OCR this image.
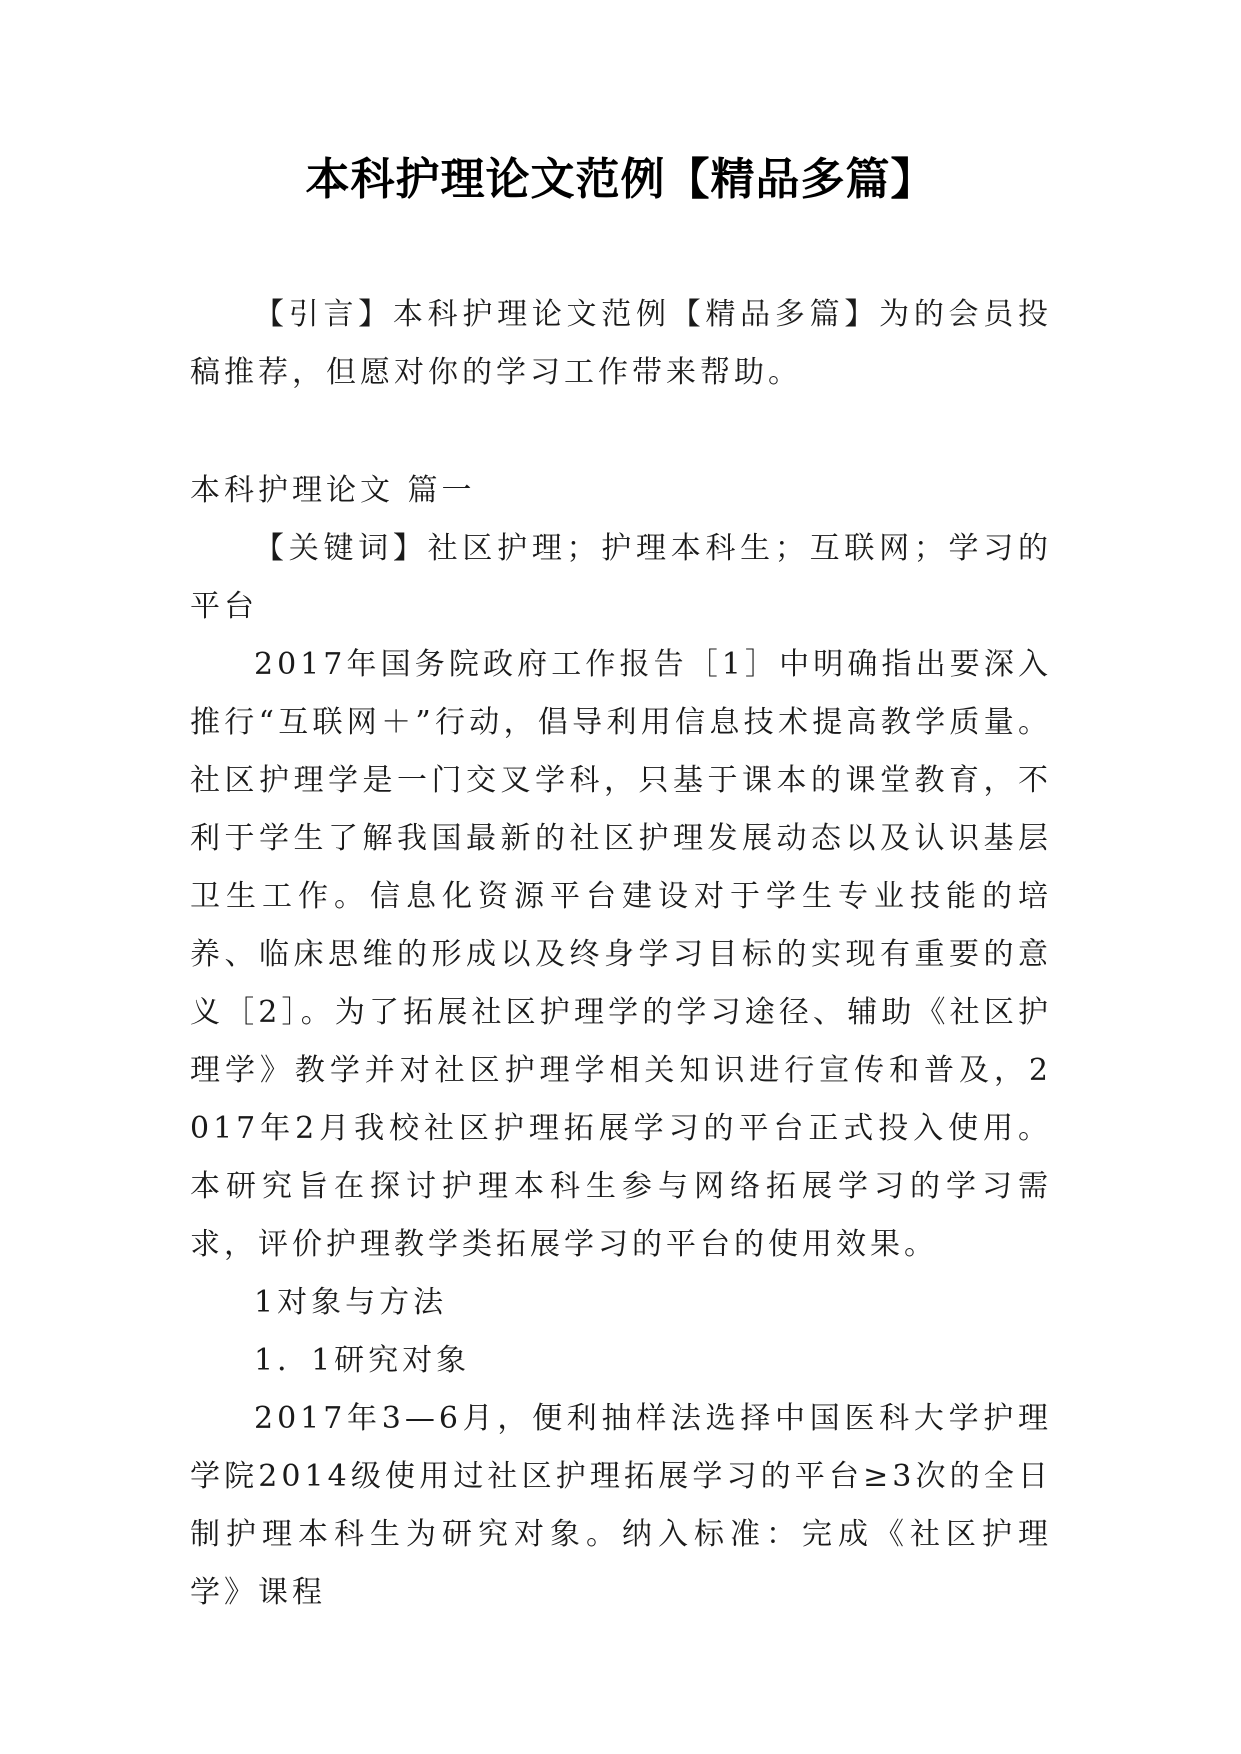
本科护理论文范例【精品多篇】

【引言】本科护理论文范例【精品多篇】为的会员投稿推荐，但愿对你的学习工作带来帮助。

本科护理论文 篇一

【关键词】社区护理；护理本科生；互联网；学习的平台

2017年国务院政府工作报告［1］中明确指出要深入推行“互联网＋”行动，倡导利用信息技术提高教学质量。社区护理学是一门交叉学科，只基于课本的课堂教育，不利于学生了解我国最新的社区护理发展动态以及认识基层卫生工作。信息化资源平台建设对于学生专业技能的培养、临床思维的形成以及终身学习目标的实现有重要的意义［2］。为了拓展社区护理学的学习途径、辅助《社区护理学》教学并对社区护理学相关知识进行宣传和普及，2017年2月我校社区护理拓展学习的平台正式投入使用。本研究旨在探讨护理本科生参与网络拓展学习的学习需求，评价护理教学类拓展学习的平台的使用效果。

1对象与方法

1．1研究对象

2017年3—6月，便利抽样法选择中国医科大学护理学院2014级使用过社区护理拓展学习的平台≥3次的全日制护理本科生为研究对象。纳入标准：完成《社区护理学》课程
